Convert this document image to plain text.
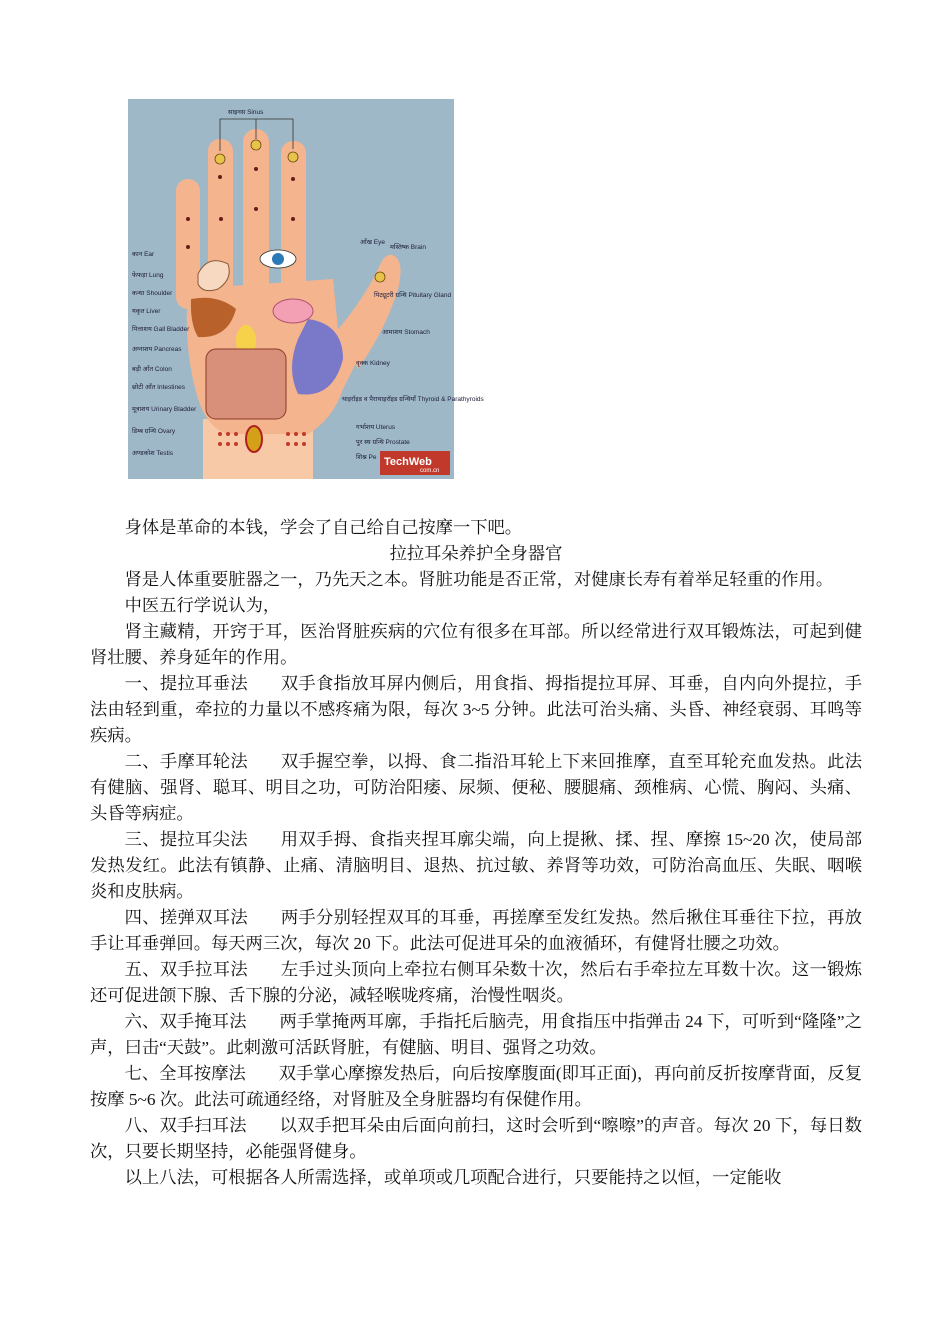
साइनस Sinus
आँख Eye
मस्तिष्क Brain
कान Ear
फेफड़ा Lung
कन्धा Shoulder	पिट्यूटरी ग्रन्थि Pituitary Gland
यकृत Liver
पित्ताशय Gall Bladder	आमाशय Stomach
अग्नाशय Pancreas
वृक्क Kidney
बड़ी आँत Colon
छोटी आँत Intestines
थाइरॉइड व पैराथाइरॉइड ग्रन्थियाँ Thyroid & Parathyroids
मूत्राशय Urinary Bladder
डिम्ब ग्रन्थि Ovary
गर्भाशय Uterus
पुर स्थ ग्रन्थि Prostate
अण्डकोश Testis
शिश्न Pe TechWeb
com.cn

身体是革命的本钱，学会了自己给自己按摩一下吧。

拉拉耳朵养护全身器官

肾是人体重要脏器之一，乃先天之本。肾脏功能是否正常，对健康长寿有着举足轻重的作用。

中医五行学说认为，

肾主藏精，开窍于耳，医治肾脏疾病的穴位有很多在耳部。所以经常进行双耳锻炼法，可起到健肾壮腰、养身延年的作用。

一、提拉耳垂法 双手食指放耳屏内侧后，用食指、拇指提拉耳屏、耳垂，自内向外提拉，手法由轻到重，牵拉的力量以不感疼痛为限，每次 3~5 分钟。此法可治头痛、头昏、神经衰弱、耳鸣等疾病。

二、手摩耳轮法 双手握空拳，以拇、食二指沿耳轮上下来回推摩，直至耳轮充血发热。此法有健脑、强肾、聪耳、明目之功，可防治阳痿、尿频、便秘、腰腿痛、颈椎病、心慌、胸闷、头痛、头昏等病症。

三、提拉耳尖法 用双手拇、食指夹捏耳廓尖端，向上提揪、揉、捏、摩擦 15~20 次，使局部发热发红。此法有镇静、止痛、清脑明目、退热、抗过敏、养肾等功效，可防治高血压、失眠、咽喉炎和皮肤病。

四、搓弹双耳法 两手分别轻捏双耳的耳垂，再搓摩至发红发热。然后揪住耳垂往下拉，再放手让耳垂弹回。每天两三次，每次 20 下。此法可促进耳朵的血液循环，有健肾壮腰之功效。

五、双手拉耳法 左手过头顶向上牵拉右侧耳朵数十次，然后右手牵拉左耳数十次。这一锻炼还可促进颌下腺、舌下腺的分泌，减轻喉咙疼痛，治慢性咽炎。

六、双手掩耳法 两手掌掩两耳廓，手指托后脑壳，用食指压中指弹击 24 下，可听到“隆隆”之声，曰击“天鼓”。此刺激可活跃肾脏，有健脑、明目、强肾之功效。

七、全耳按摩法 双手掌心摩擦发热后，向后按摩腹面(即耳正面)，再向前反折按摩背面，反复按摩 5~6 次。此法可疏通经络，对肾脏及全身脏器均有保健作用。

八、双手扫耳法 以双手把耳朵由后面向前扫，这时会听到“嚓嚓”的声音。每次 20 下，每日数次，只要长期坚持，必能强肾健身。

以上八法，可根据各人所需选择，或单项或几项配合进行，只要能持之以恒，一定能收
